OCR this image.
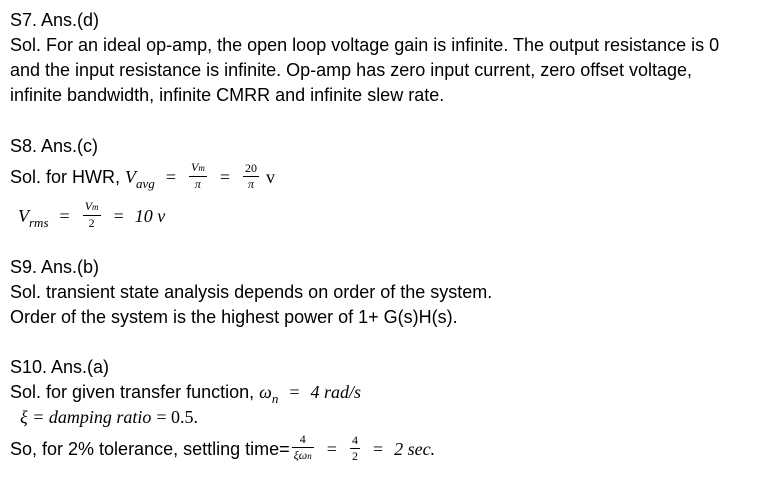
S7. Ans.(d)
Sol. For an ideal op-amp, the open loop voltage gain is infinite. The output resistance is 0
and the input resistance is infinite. Op-amp has zero input current, zero offset voltage,
infinite bandwidth, infinite CMRR and infinite slew rate.
S8. Ans.(c)
Sol. for HWR, $V_{avg} = \frac{Vm}{\pi} = \frac{20}{\pi}$ v
$V_{rms} = \frac{Vm}{2} = 10$ v
S9. Ans.(b)
Sol. transient state analysis depends on order of the system.
Order of the system is the highest power of 1+ G(s)H(s).
S10. Ans.(a)
Sol. for given transfer function, $\omega_n = 4$ rad/s
ξ = damping ratio = 0.5.
So, for 2% tolerance, settling time= $\frac{4}{\text{ξωn}} = \frac{4}{2} = 2$ sec.
